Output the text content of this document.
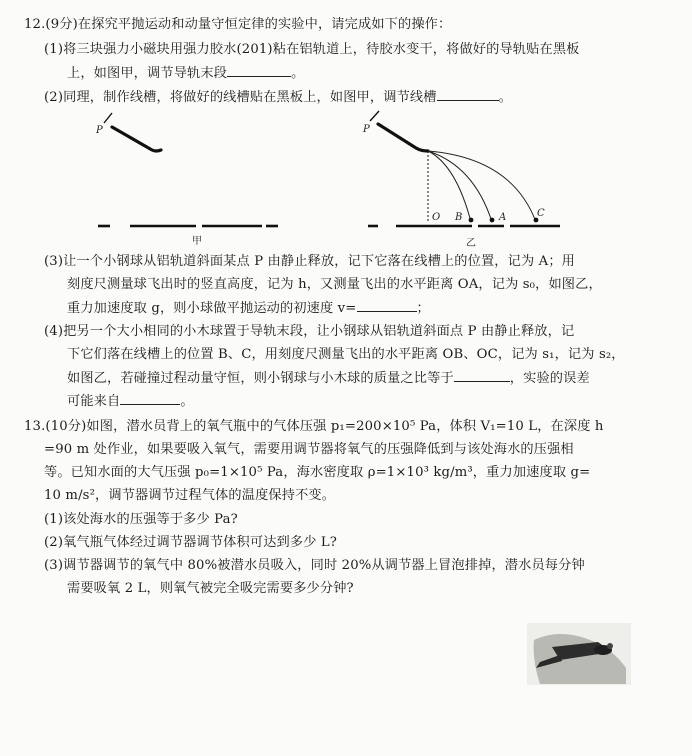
12.(9分)在探究平抛运动和动量守恒定律的实验中，请完成如下的操作：
(1)将三块强力小磁块用强力胶水(201)粘在铝轨道上，待胶水变干，将做好的导轨贴在黑板
上，如图甲，调节导轨末段	。
(2)同理，制作线槽，将做好的线槽贴在黑板上，如图甲，调节线槽	。
P
甲
P
O B	A	C
乙
(3)让一个小钢球从铝轨道斜面某点 P 由静止释放，记下它落在线槽上的位置，记为 A；用
刻度尺测量球飞出时的竖直高度，记为 h，又测量飞出的水平距离 OA，记为 s₀，如图乙，
重力加速度取 g，则小球做平抛运动的初速度 v=	；
(4)把另一个大小相同的小木球置于导轨末段，让小钢球从铝轨道斜面点 P 由静止释放，记
下它们落在线槽上的位置 B、C，用刻度尺测量飞出的水平距离 OB、OC，记为 s₁，记为 s₂，
如图乙，若碰撞过程动量守恒，则小钢球与小木球的质量之比等于	，实验的误差
可能来自	。
13.(10分)如图，潜水员背上的氧气瓶中的气体压强 p₁=200×10⁵ Pa，体积 V₁=10 L，在深度 h
=90 m 处作业，如果要吸入氧气，需要用调节器将氧气的压强降低到与该处海水的压强相
等。已知水面的大气压强 p₀=1×10⁵ Pa，海水密度取 ρ=1×10³ kg/m³，重力加速度取 g=
10 m/s²，调节器调节过程气体的温度保持不变。
(1)该处海水的压强等于多少 Pa?
(2)氧气瓶气体经过调节器调节体积可达到多少 L?
(3)调节器调节的氧气中 80%被潜水员吸入，同时 20%从调节器上冒泡排掉，潜水员每分钟
需要吸氧 2 L，则氧气被完全吸完需要多少分钟?
